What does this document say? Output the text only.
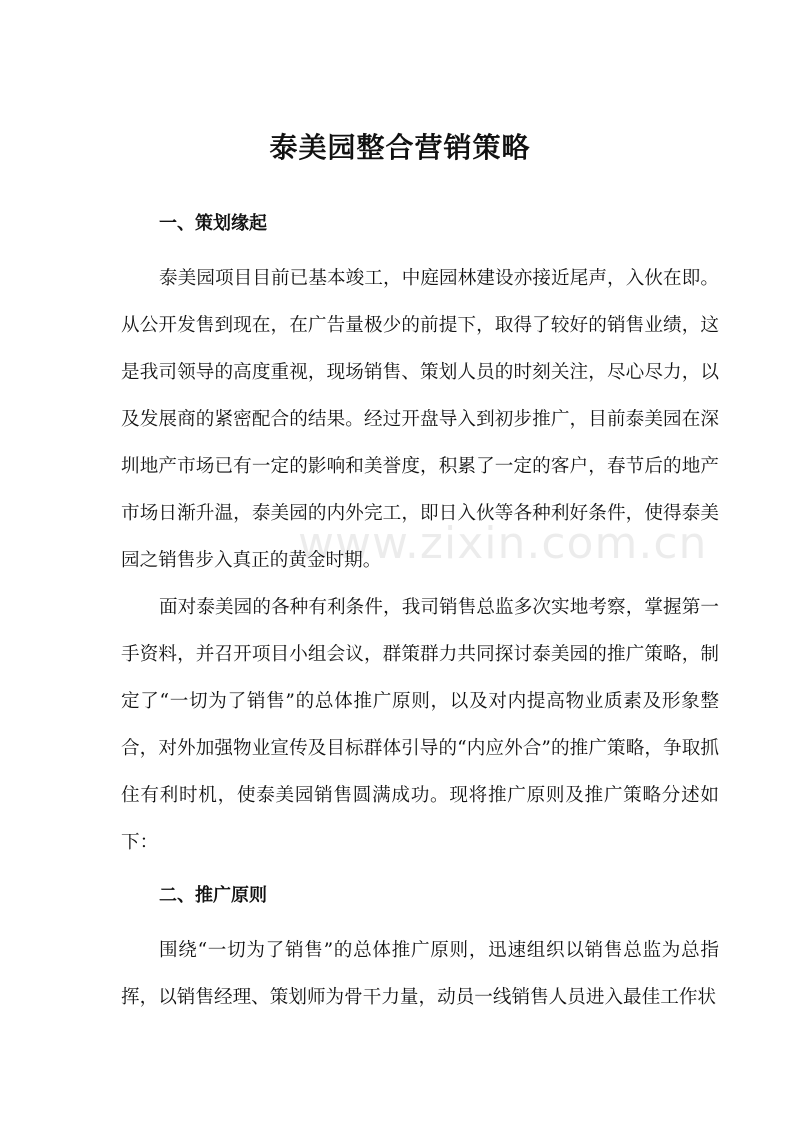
泰美园整合营销策略
一、策划缘起

泰美园项目目前已基本竣工，中庭园林建设亦接近尾声，入伙在即。从公开发售到现在，在广告量极少的前提下，取得了较好的销售业绩，这是我司领导的高度重视，现场销售、策划人员的时刻关注，尽心尽力，以及发展商的紧密配合的结果。经过开盘导入到初步推广，目前泰美园在深圳地产市场已有一定的影响和美誉度，积累了一定的客户，春节后的地产市场日渐升温，泰美园的内外完工，即日入伙等各种利好条件，使得泰美园之销售步入真正的黄金时期。

面对泰美园的各种有利条件，我司销售总监多次实地考察，掌握第一手资料，并召开项目小组会议，群策群力共同探讨泰美园的推广策略，制定了“一切为了销售”的总体推广原则，以及对内提高物业质素及形象整合，对外加强物业宣传及目标群体引导的“内应外合”的推广策略，争取抓住有利时机，使泰美园销售圆满成功。现将推广原则及推广策略分述如下：

二、推广原则

围绕“一切为了销售”的总体推广原则，迅速组织以销售总监为总指挥，以销售经理、策划师为骨干力量，动员一线销售人员进入最佳工作状

www.zixin.com.cn
